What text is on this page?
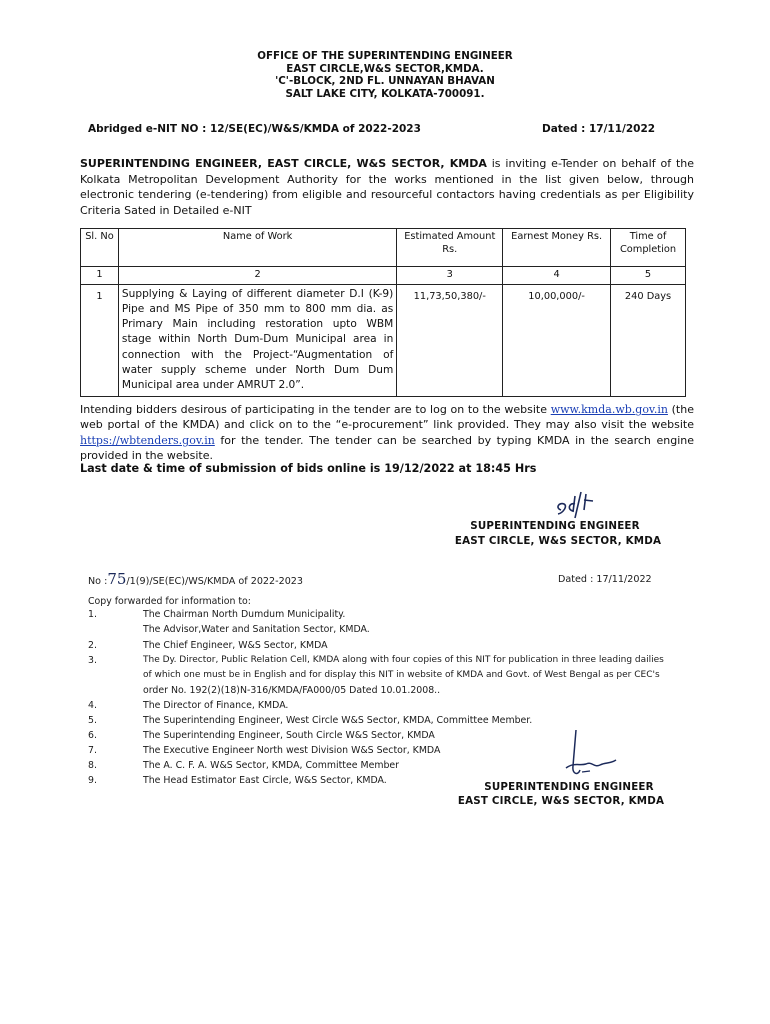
OFFICE OF THE SUPERINTENDING ENGINEER
EAST CIRCLE,W&S SECTOR,KMDA.
'C'-BLOCK, 2ND FL. UNNAYAN BHAVAN
SALT LAKE CITY, KOLKATA-700091.
Abridged e-NIT NO : 12/SE(EC)/W&S/KMDA of 2022-2023	Dated : 17/11/2022
SUPERINTENDING ENGINEER, EAST CIRCLE, W&S SECTOR, KMDA is inviting e-Tender on behalf of the Kolkata Metropolitan Development Authority for the works mentioned in the list given below, through electronic tendering (e-tendering) from eligible and resourceful contactors having credentials as per Eligibility Criteria Sated in Detailed e-NIT
Sl. No	Name of Work	Estimated Amount Rs.	Earnest Money Rs.	Time of Completion
1	2	3	4	5
1	Supplying & Laying of different diameter D.I (K-9) Pipe and MS Pipe of 350 mm to 800 mm dia. as Primary Main including restoration upto WBM stage within North Dum-Dum Municipal area in connection with the Project-“Augmentation of water supply scheme under North Dum Dum Municipal area under AMRUT 2.0”.	11,73,50,380/-	10,00,000/-	240 Days
Intending bidders desirous of participating in the tender are to log on to the website www.kmda.wb.gov.in (the web portal of the KMDA) and click on to the “e-procurement” link provided. They may also visit the website https://wbtenders.gov.in for the tender. The tender can be searched by typing KMDA in the search engine provided in the website.
Last date & time of submission of bids online is 19/12/2022 at 18:45 Hrs
SUPERINTENDING ENGINEER
EAST CIRCLE, W&S SECTOR, KMDA
No :75/1(9)/SE(EC)/WS/KMDA of 2022-2023	Dated : 17/11/2022
Copy forwarded for information to:
1.	The Chairman North Dumdum Municipality.
The Advisor,Water and Sanitation Sector, KMDA.
2.	The Chief Engineer, W&S Sector, KMDA
3.	The Dy. Director, Public Relation Cell, KMDA along with four copies of this NIT for publication in three leading dailies
of which one must be in English and for display this NIT in website of KMDA and Govt. of West Bengal as per CEC's
order No. 192(2)(18)N-316/KMDA/FA000/05 Dated 10.01.2008..
4.	The Director of Finance, KMDA.
5.	The Superintending Engineer, West Circle W&S Sector, KMDA, Committee Member.
6.	The Superintending Engineer, South Circle W&S Sector, KMDA
7.	The Executive Engineer North west Division W&S Sector, KMDA
8.	The A. C. F. A. W&S Sector, KMDA, Committee Member
9.	The Head Estimator East Circle, W&S Sector, KMDA.
SUPERINTENDING ENGINEER
EAST CIRCLE, W&S SECTOR, KMDA
